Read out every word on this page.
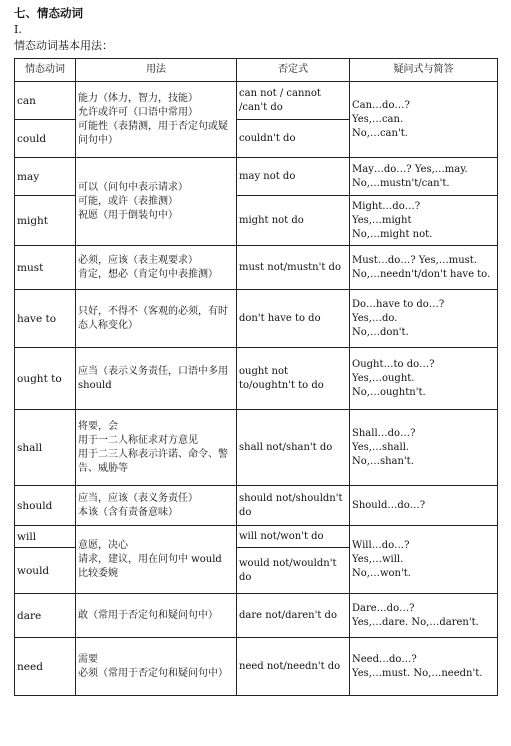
七、情态动词
I.
情态动词基本用法：
情态动词	用法	否定式	疑问式与简答
can	能力（体力，智力，技能）
允许或许可（口语中常用）
可能性（表猜测，用于否定句或疑问句中）	can not / cannot /can't do	Can…do…?
Yes,…can.
No,…can't.

could		couldn't do	
may	可以（问句中表示请求）
可能，或许（表推测）
祝愿（用于倒装句中）	may not do	May…do…? Yes,…may.
No,…mustn't/can't.

might		might not do	Might…do…?
Yes,…might
No,…might not.

must	必须，应该（表主观要求）
肯定，想必（肯定句中表推测）	must not/mustn't do	Must…do…? Yes,…must.
No,…needn't/don't have to.

have to	只好，不得不（客观的必须，有时态人称变化）	don't have to do	Do…have to do…?
Yes,…do.
No,…don't.

ought to	应当（表示义务责任，口语中多用 should	ought not to/oughtn't to do	Ought…to do…?
Yes,…ought.
No,…oughtn't.

shall	将要，会
用于一二人称征求对方意见
用于二三人称表示许诺、命令、警告、威胁等	shall not/shan't do	Shall…do…?
Yes,…shall.
No,…shan't.

should	应当，应该（表义务责任）
本该（含有责备意味）	should not/shouldn't do	Should…do…?

will	意愿，决心
请求，建议，用在问句中 would 比较委婉	will not/won't do	Will…do…?
Yes,…will.
No,…won't.

would		would not/wouldn't do	
dare	敢（常用于否定句和疑问句中）	dare not/daren't do	Dare…do…?
Yes,…dare. No,…daren't.

need	需要
必须（常用于否定句和疑问句中）	need not/needn't do	Need…do…?
Yes,…must. No,…needn't.
